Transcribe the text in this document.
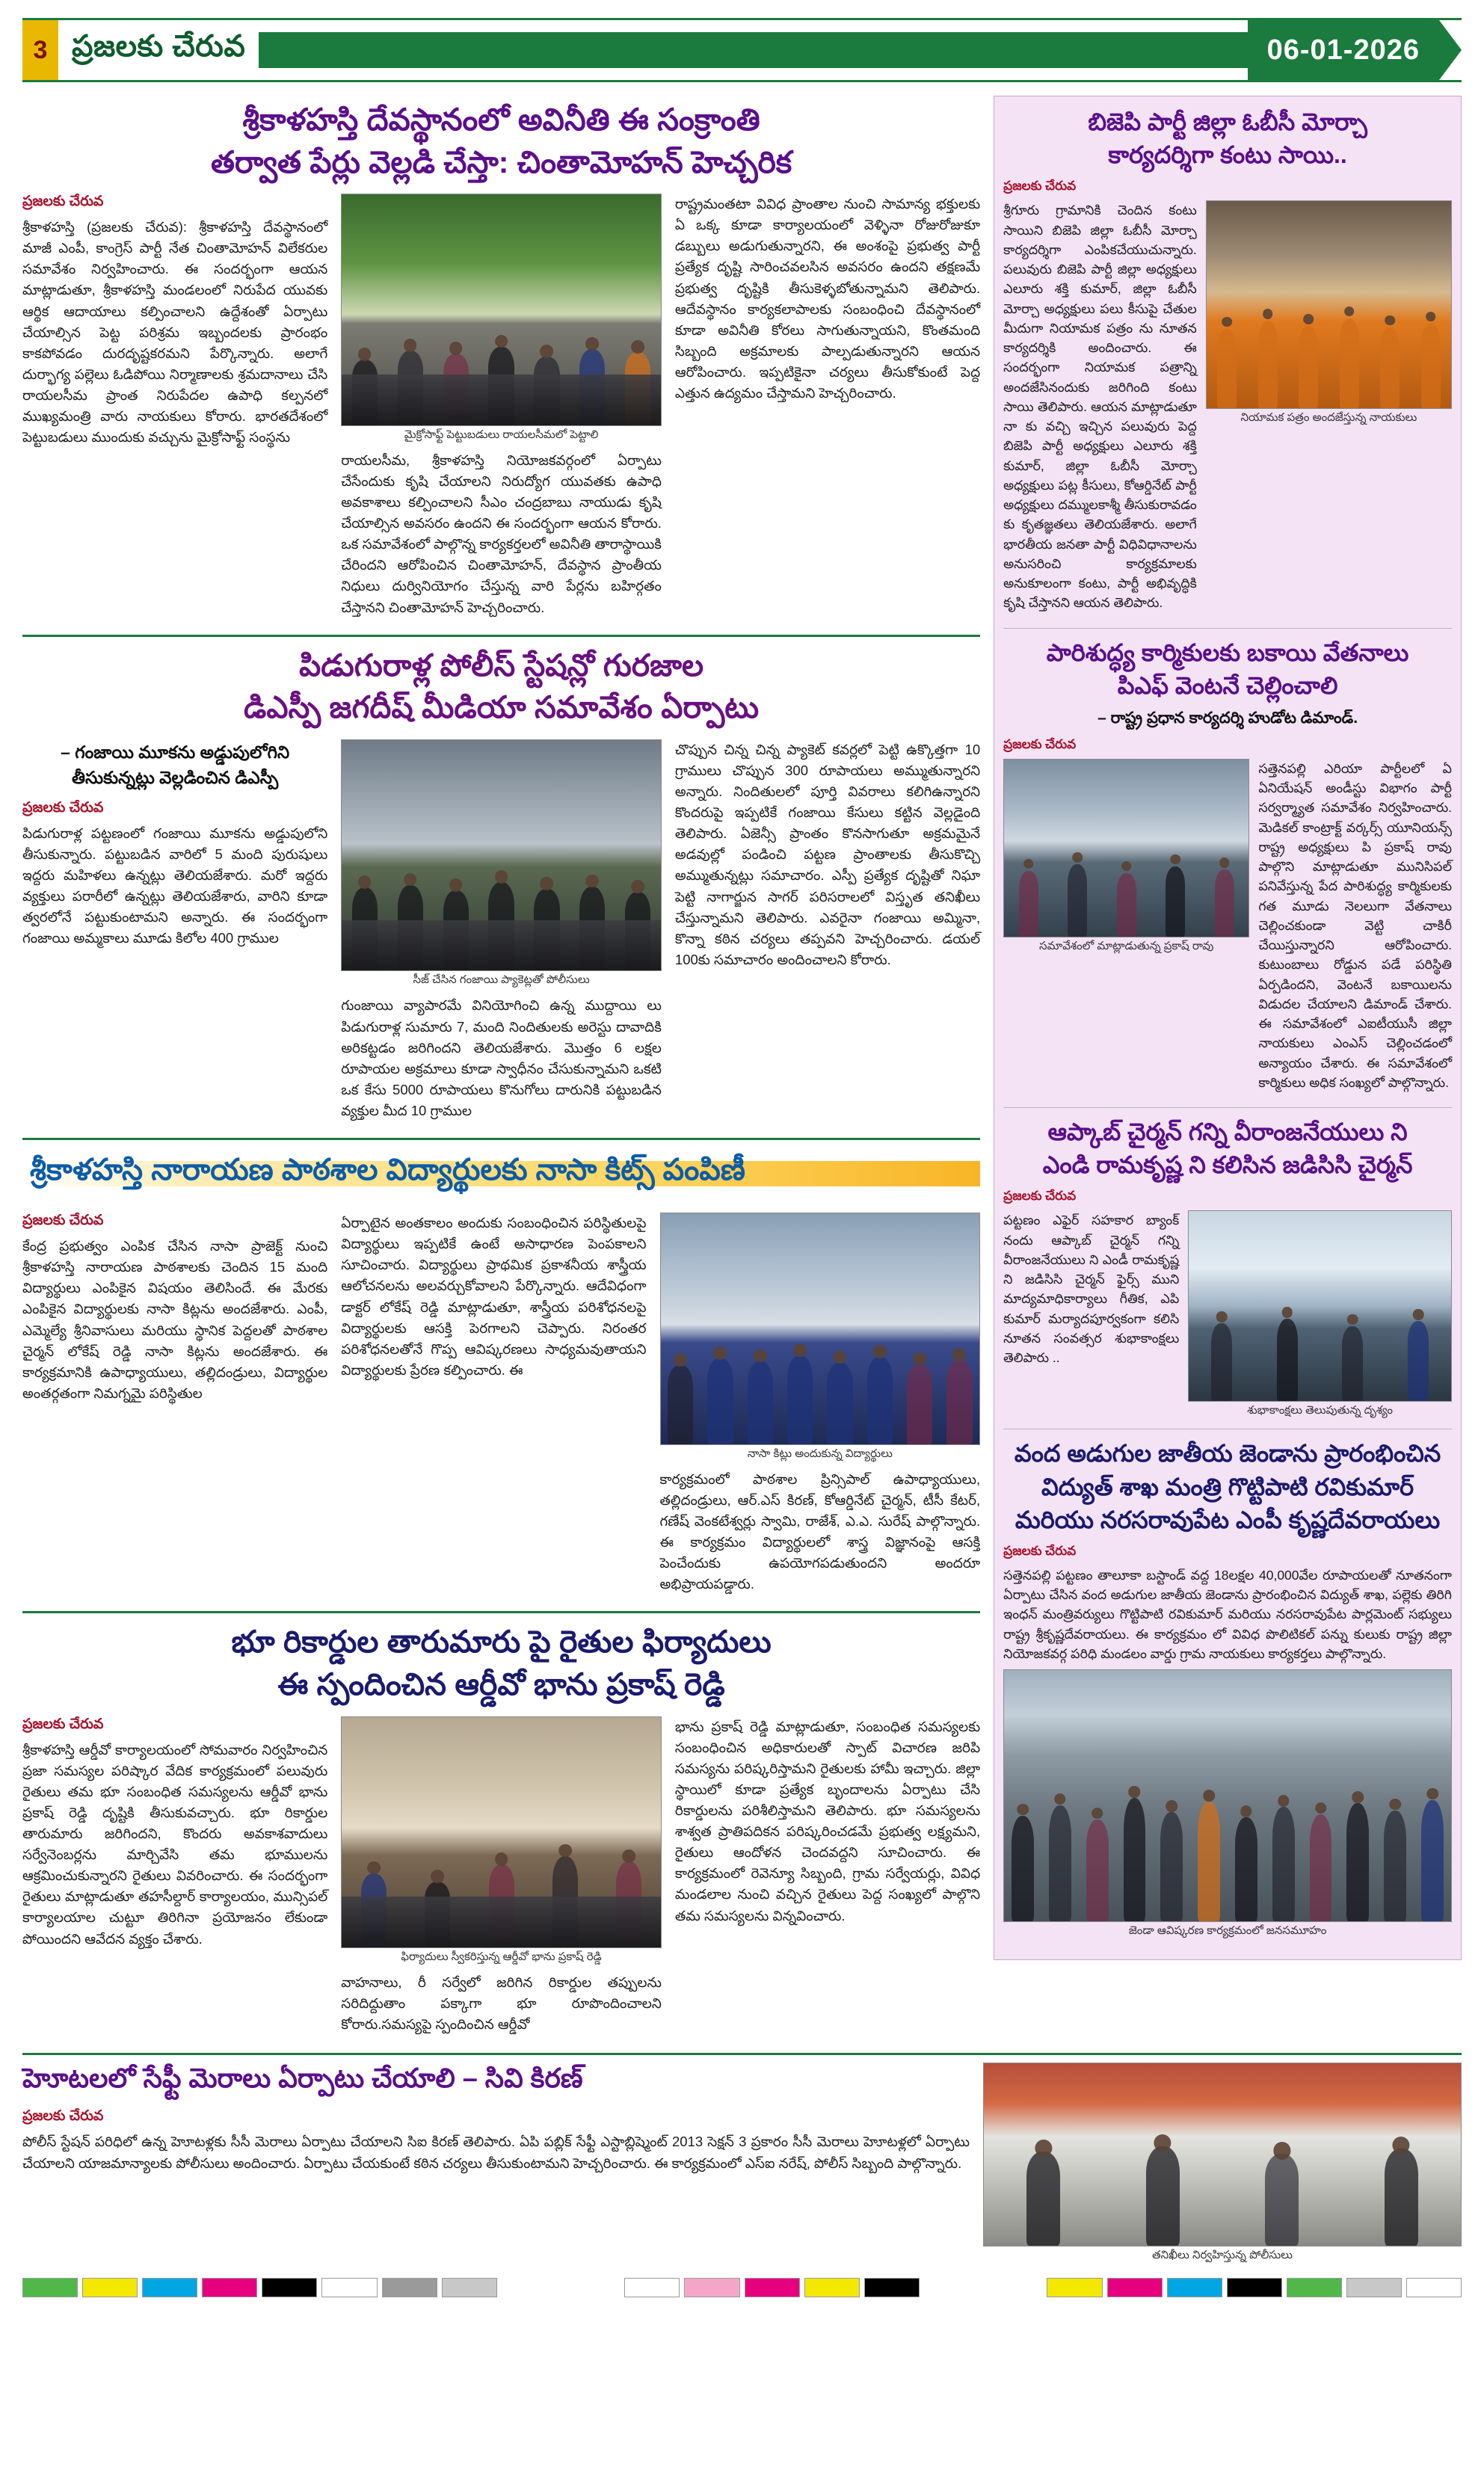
3 ప్రజలకు చేరువ	06-01-2026
శ్రీకాళహస్తి దేవస్థానంలో అవినీతి ఈ సంక్రాంతి
తర్వాత పేర్లు వెల్లడి చేస్తా: చింతామోహన్ హెచ్చరిక
ప్రజలకు చేరువ

శ్రీకాళహస్తి (ప్రజలకు చేరువ): శ్రీకాళహస్తి దేవస్థానంలో మాజీ ఎంపీ, కాంగ్రెస్ పార్టీ నేత చింతామోహన్ విలేకరుల సమావేశం నిర్వహించారు. ఈ సందర్భంగా ఆయన మాట్లాడుతూ, శ్రీకాళహస్తి మండలంలో నిరుపేద యువకు ఆర్థిక ఆదాయాలు కల్పించాలని ఉద్దేశంతో ఏర్పాటు చేయాల్సిన పెట్ట పరిశ్రమ ఇబ్బందలకు ప్రారంభం కాకపోవడం దురదృష్టకరమని పేర్కొన్నారు. అలాగే దుర్భాగ్య పల్లెలు ఓడిపోయి నిర్మాణాలకు శ్రమదానాలు చేసి రాయలసీమ ప్రాంత నిరుపేదల ఉపాధి కల్పనలో ముఖ్యమంత్రి వారు నాయకులు కోరారు. భారతదేశంలో పెట్టుబడులు ముందుకు వచ్చును మైక్రోసాఫ్ట్ సంస్థను	మైక్రోసాఫ్ట్ పెట్టుబడులు రాయలసీమలో పెట్టాలి

రాయలసీమ, శ్రీకాళహస్తి నియోజకవర్గంలో ఏర్పాటు చేసేందుకు కృషి చేయాలని నిరుద్యోగ యువతకు ఉపాధి అవకాశాలు కల్పించాలని సీఎం చంద్రబాబు నాయుడు కృషి చేయాల్సిన అవసరం ఉందని ఈ సందర్భంగా ఆయన కోరారు. ఒక సమావేశంలో పాల్గొన్న కార్యకర్తలలో అవినీతి తారాస్థాయికి చేరిందని ఆరోపించిన చింతామోహన్, దేవస్థాన ప్రాంతీయ నిధులు దుర్వినియోగం చేస్తున్న వారి పేర్లను బహిర్గతం చేస్తానని చింతామోహన్ హెచ్చరించారు.

రాష్ట్రమంతటా వివిధ ప్రాంతాల నుంచి సామాన్య భక్తులకు ఏ ఒక్క కూడా కార్యాలయంలో వెళ్ళినా రోజురోజుకూ డబ్బులు అడుగుతున్నారని, ఈ అంశంపై ప్రభుత్వ పార్టీ ప్రత్యేక దృష్టి సారించవలసిన అవసరం ఉందని తక్షణమే ప్రభుత్వ దృష్టికి తీసుకెళ్ళబోతున్నామని తెలిపారు. ఆదేవస్థానం కార్యకలాపాలకు సంబంధించి దేవస్థానంలో కూడా అవినీతి కోరలు సాగుతున్నాయని, కొంతమంది సిబ్బంది అక్రమాలకు పాల్పడుతున్నారని ఆయన ఆరోపించారు. ఇప్పటికైనా చర్యలు తీసుకోకుంటే పెద్ద ఎత్తున ఉద్యమం చేస్తామని హెచ్చరించారు.

పిడుగురాళ్ల పోలీస్ స్టేషన్లో గురజాల
డిఎస్పీ జగదీష్ మీడియా సమావేశం ఏర్పాటు
– గంజాయి మూకను అడ్డుపులోగిని తీసుకున్నట్లు వెల్లడించిన డిఎస్పీ
ప్రజలకు చేరువ

పిడుగురాళ్ల పట్టణంలో గంజాయి మూకను అడ్డుపులోని తీసుకున్నారు. పట్టుబడిన వారిలో 5 మంది పురుషులు ఇద్దరు మహిళలు ఉన్నట్లు తెలియజేశారు. మరో ఇద్దరు వ్యక్తులు పరారీలో ఉన్నట్లు తెలియజేశారు, వారిని కూడా త్వరలోనే పట్టుకుంటామని అన్నారు. ఈ సందర్భంగా గంజాయి అమ్మకాలు మూడు కిలోల 400 గ్రాముల

సీజ్ చేసిన గంజాయి ప్యాకెట్లతో పోలీసులు

గుంజాయి వ్యాపారమే వినియోగించి ఉన్న ముద్దాయి లు పిడుగురాళ్ల సుమారు 7, మంది నిందితులకు అరెస్టు దావాదికి అరికట్టడం జరిగిందని తెలియజేశారు. మొత్తం 6 లక్షల రూపాయల అక్రమాలు కూడా స్వాధీనం చేసుకున్నామని ఒకటి ఒక కేసు 5000 రూపాయలు కొనుగోలు దారునికి పట్టుబడిన వ్యక్తుల మీద 10 గ్రాముల

చొప్పున చిన్న చిన్న ప్యాకెట్ కవర్లలో పెట్టి ఉక్కొత్తగా 10 గ్రాములు చొప్పున 300 రూపాయలు అమ్ముతున్నారని అన్నారు. నిందితులలో పూర్తి వివరాలు కలిగిఉన్నారని కొందరుపై ఇప్పటికే గంజాయి కేసులు కట్టిన వెల్లడైంది తెలిపారు. ఏజెన్సీ ప్రాంతం కొనసాగుతూ అక్రమమైనే అడవుల్లో పండించి పట్టణ ప్రాంతాలకు తీసుకొచ్చి అమ్ముతున్నట్లు సమాచారం. ఎస్పీ ప్రత్యేక దృష్టితో నిఘా పెట్టి నాగార్జున సాగర్ పరిసరాలలో విస్తృత తనిఖీలు చేస్తున్నామని తెలిపారు. ఎవరైనా గంజాయి అమ్మినా, కొన్నా కఠిన చర్యలు తప్పవని హెచ్చరించారు. డయల్ 100కు సమాచారం అందించాలని కోరారు.

శ్రీకాళహస్తి నారాయణ పాఠశాల విద్యార్థులకు నాసా కిట్స్ పంపిణీ
ప్రజలకు చేరువ

కేంద్ర ప్రభుత్వం ఎంపిక చేసిన నాసా ప్రాజెక్ట్ నుంచి శ్రీకాళహస్తి నారాయణ పాఠశాలకు చెందిన 15 మంది విద్యార్థులు ఎంపికైన విషయం తెలిసిందే. ఈ మేరకు ఎంపికైన విద్యార్థులకు నాసా కిట్లను అందజేశారు. ఎంపీ, ఎమ్మెల్యే శ్రీనివాసులు మరియు స్థానిక పెద్దలతో పాఠశాల చైర్మన్ లోకేష్ రెడ్డి నాసా కిట్లను అందజేశారు. ఈ కార్యక్రమానికి ఉపాధ్యాయులు, తల్లిదండ్రులు, విద్యార్థుల అంతర్గతంగా నిమగ్నమై పరిస్థితుల

ఏర్పాటైన అంతకాలం అందుకు సంబంధించిన పరిస్థితులపై విద్యార్థులు ఇప్పటికే ఉంటే అసాధారణ పెంపకాలని సూచించారు. విద్యార్థులు ప్రాథమిక ప్రకాశనీయ శాస్త్రీయ ఆలోచనలను అలవర్చుకోవాలని పేర్కొన్నారు. ఆదేవిధంగా డాక్టర్ లోకేష్ రెడ్డి మాట్లాడుతూ, శాస్త్రీయ పరిశోధనలపై విద్యార్థులకు ఆసక్తి పెరగాలని చెప్పారు. నిరంతర పరిశోధనలతోనే గొప్ప ఆవిష్కరణలు సాధ్యమవుతాయని విద్యార్థులకు ప్రేరణ కల్పించారు. ఈ

నాసా కిట్లు అందుకున్న విద్యార్థులు

కార్యక్రమంలో పాఠశాల ప్రిన్సిపాల్ ఉపాధ్యాయులు, తల్లిదండ్రులు, ఆర్.ఎస్ కిరణ్, కోఆర్డినేట్ చైర్మన్, టీసీ కేటర్, గణేష్ వెంకటేశ్వర్లు స్వామి, రాజేశ్, ఎ.ఎ. సురేష్ పాల్గొన్నారు. ఈ కార్యక్రమం విద్యార్థులలో శాస్త్ర విజ్ఞానంపై ఆసక్తి పెంచేందుకు ఉపయోగపడుతుందని అందరూ అభిప్రాయపడ్డారు.

భూ రికార్డుల తారుమారు పై రైతుల ఫిర్యాదులు
ఈ స్పందించిన ఆర్డీవో భాను ప్రకాష్ రెడ్డి
ప్రజలకు చేరువ

శ్రీకాళహస్తి ఆర్డీవో కార్యాలయంలో సోమవారం నిర్వహించిన ప్రజా సమస్యల పరిష్కార వేదిక కార్యక్రమంలో పలువురు రైతులు తమ భూ సంబంధిత సమస్యలను ఆర్డీవో భాను ప్రకాష్ రెడ్డి దృష్టికి తీసుకువచ్చారు. భూ రికార్డుల తారుమారు జరిగిందని, కొందరు అవకాశవాదులు సర్వేనెంబర్లను మార్చివేసి తమ భూములను ఆక్రమించుకున్నారని రైతులు వివరించారు. ఈ సందర్భంగా రైతులు మాట్లాడుతూ తహసీల్దార్ కార్యాలయం, మున్సిపల్ కార్యాలయాల చుట్టూ తిరిగినా ప్రయోజనం లేకుండా పోయిందని ఆవేదన వ్యక్తం చేశారు.

ఫిర్యాదులు స్వీకరిస్తున్న ఆర్డీవో భాను ప్రకాష్ రెడ్డి

వాహనాలు, రీ సర్వేలో జరిగిన రికార్డుల తప్పులను సరిదిద్దుతాం పక్కాగా భూ రూపొందించాలని కోరారు.సమస్యపై స్పందించిన ఆర్డీవో

భాను ప్రకాష్ రెడ్డి మాట్లాడుతూ, సంబంధిత సమస్యలకు సంబంధించిన అధికారులతో స్పాట్ విచారణ జరిపి సమస్యను పరిష్కరిస్తామని రైతులకు హామీ ఇచ్చారు. జిల్లా స్థాయిలో కూడా ప్రత్యేక బృందాలను ఏర్పాటు చేసి రికార్డులను పరిశీలిస్తామని తెలిపారు. భూ సమస్యలను శాశ్వత ప్రాతిపదికన పరిష్కరించడమే ప్రభుత్వ లక్ష్యమని, రైతులు ఆందోళన చెందవద్దని సూచించారు. ఈ కార్యక్రమంలో రెవెన్యూ సిబ్బంది, గ్రామ సర్వేయర్లు, వివిధ మండలాల నుంచి వచ్చిన రైతులు పెద్ద సంఖ్యలో పాల్గొని తమ సమస్యలను విన్నవించారు.

బిజెపి పార్టీ జిల్లా ఓబీసీ మోర్చా
కార్యదర్శిగా కంటు సాయి..
ప్రజలకు చేరువ

శ్రీగూరు గ్రామానికి చెందిన కంటు సాయిని బిజెపి జిల్లా ఓబీసీ మోర్చా కార్యదర్శిగా ఎంపికచేయుచున్నారు. పలువురు బిజెపి పార్టీ జిల్లా అధ్యక్షులు ఎలూరు శక్తి కుమార్, జిల్లా ఓబీసీ మోర్చా అధ్యక్షులు పలు కీసుపై చేతుల మీదుగా నియామక పత్రం ను నూతన కార్యదర్శికి అందించారు. ఈ సందర్భంగా నియామక పత్రాన్ని అందజేసినందుకు జరిగింది కంటు సాయి తెలిపారు. ఆయన మాట్లాడుతూ నా కు వచ్చి ఇచ్చిన పలువురు పెద్ద బిజెపి పార్టీ అధ్యక్షులు ఎలూరు శక్తి కుమార్, జిల్లా ఓబీసీ మోర్చా అధ్యక్షులు పట్ల కీసులు, కోఆర్డినేట్ పార్టీ అధ్యక్షులు దమ్ములకాశ్మీ తీసుకురావడం కు కృతజ్ఞతలు తెలియజేశారు. అలాగే భారతీయ జనతా పార్టీ విధివిధానాలను అనుసరించి కార్యక్రమాలకు అనుకూలంగా కంటు, పార్టీ అభివృద్ధికి కృషి చేస్తానని ఆయన తెలిపారు.

నియామక పత్రం అందజేస్తున్న నాయకులు
పారిశుద్ధ్య కార్మికులకు బకాయి వేతనాలు
పిఎఫ్ వెంటనే చెల్లించాలి
– రాష్ట్ర ప్రధాన కార్యదర్శి హుడోట డిమాండ్.
ప్రజలకు చేరువ
సమావేశంలో మాట్లాడుతున్న ప్రకాష్ రావు

సత్తెనపల్లి ఎరియా పార్టీలలో ఏ ఏనియేషన్ అండీస్టు విభాగం పార్టీ సర్వర్మ్యాత సమావేశం నిర్వహించారు. మెడికల్ కాంట్రాక్ట్ వర్కర్స్ యూనియన్స్ రాష్ట్ర అధ్యక్షులు పి ప్రకాష్ రావు పాల్గొని మాట్లాడుతూ మునిసిపల్ పనివేస్తున్న పేద పారిశుద్ధ్య కార్మికులకు గత మూడు నెలలుగా వేతనాలు చెల్లించకుండా వెట్టి చాకిరీ చేయిస్తున్నారని ఆరోపించారు. కుటుంబాలు రోడ్డున పడే పరిస్థితి ఏర్పడిందని, వెంటనే బకాయిలను విడుదల చేయాలని డిమాండ్ చేశారు. ఈ సమావేశంలో ఎఐటీయుసీ జిల్లా నాయకులు ఎంఎస్ చెల్లించడంలో అన్యాయం చేశారు. ఈ సమావేశంలో కార్మికులు అధిక సంఖ్యలో పాల్గొన్నారు.

ఆప్కాబ్ చైర్మన్ గన్ని వీరాంజనేయులు ని
ఎండి రామకృష్ణ ని కలిసిన జడిసిసి చైర్మన్
ప్రజలకు చేరువ

పట్టణం ఎఫైర్ సహకార బ్యాంక్ నందు ఆప్కాబ్ చైర్మన్ గన్ని వీరాంజనేయులు ని ఎండీ రామకృష్ణ ని జడిసిసి చైర్మన్ ఫైర్స్ ముని మాద్యమాధికార్యాలు గీతిక, ఎపి కుమార్ మర్యాదపూర్వకంగా కలిసి నూతన సంవత్సర శుభాకాంక్షలు తెలిపారు ..

శుభాకాంక్షలు తెలుపుతున్న దృశ్యం
వంద అడుగుల జాతీయ జెండాను ప్రారంభించిన
విద్యుత్ శాఖ మంత్రి గొట్టిపాటి రవికుమార్
మరియు నరసరావుపేట ఎంపీ కృష్ణదేవరాయలు
ప్రజలకు చేరువ

సత్తెనపల్లి పట్టణం తాలూకా బస్టాండ్ వద్ద 18లక్షల 40,000వేల రూపాయలతో నూతనంగా ఏర్పాటు చేసిన వంద అడుగుల జాతీయ జెండాను ప్రారంభించిన విద్యుత్ శాఖ, పల్లెకు తిరిగి ఇంధన్ మంత్రివర్యులు గొట్టిపాటి రవికుమార్ మరియు నరసరావుపేట పార్లమెంట్ సభ్యులు రాష్ట్ర శ్రీకృష్ణదేవరాయలు. ఈ కార్యక్రమం లో వివిధ పొలిటికల్ పన్ను కులుకు రాష్ట్ర జిల్లా నియోజకవర్గ పరిధి మండలం వార్డు గ్రామ నాయకులు కార్యకర్తలు పాల్గొన్నారు.

జెండా ఆవిష్కరణ కార్యక్రమంలో జనసమూహం
హెూటలలో సేఫ్టీ మెరాలు ఏర్పాటు చేయాలి – సివి కిరణ్
ప్రజలకు చేరువ

పోలీస్ స్టేషన్ పరిధిలో ఉన్న హెూటళ్లకు సీసీ మెరాలు ఏర్పాటు చేయాలని సిఐ కిరణ్ తెలిపారు. ఏపి పబ్లిక్ సేఫ్టీ ఎస్టాబ్లిష్మెంట్ 2013 సెక్షన్ 3 ప్రకారం సీసీ మెరాలు హెూటళ్లలో ఏర్పాటు చేయాలని యాజమాన్యాలకు పోలీసులు అందించారు. ఏర్పాటు చేయకుంటే కఠిన చర్యలు తీసుకుంటామని హెచ్చరించారు. ఈ కార్యక్రమంలో ఎస్ఐ నరేష్, పోలీస్ సిబ్బంది పాల్గొన్నారు.

తనిఖీలు నిర్వహిస్తున్న పోలీసులు
